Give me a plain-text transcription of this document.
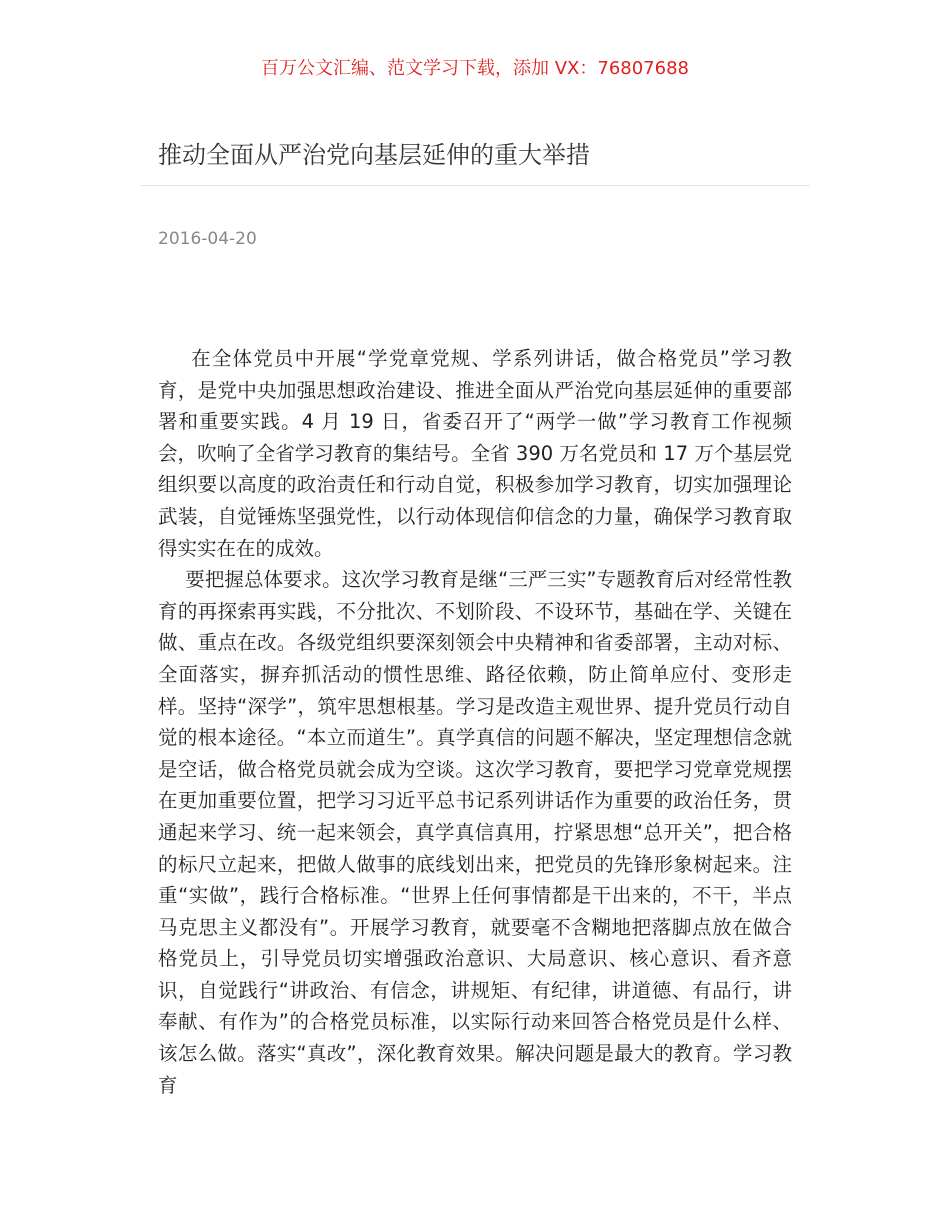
百万公文汇编、范文学习下载，添加 VX：76807688
推动全面从严治党向基层延伸的重大举措
2016-04-20

在全体党员中开展“学党章党规、学系列讲话，做合格党员”学习教育，是党中央加强思想政治建设、推进全面从严治党向基层延伸的重要部署和重要实践。4 月 19 日，省委召开了“两学一做”学习教育工作视频会，吹响了全省学习教育的集结号。全省 390 万名党员和 17 万个基层党组织要以高度的政治责任和行动自觉，积极参加学习教育，切实加强理论武装，自觉锤炼坚强党性，以行动体现信仰信念的力量，确保学习教育取得实实在在的成效。

要把握总体要求。这次学习教育是继“三严三实”专题教育后对经常性教育的再探索再实践，不分批次、不划阶段、不设环节，基础在学、关键在做、重点在改。各级党组织要深刻领会中央精神和省委部署，主动对标、全面落实，摒弃抓活动的惯性思维、路径依赖，防止简单应付、变形走样。坚持“深学”，筑牢思想根基。学习是改造主观世界、提升党员行动自觉的根本途径。“本立而道生”。真学真信的问题不解决，坚定理想信念就是空话，做合格党员就会成为空谈。这次学习教育，要把学习党章党规摆在更加重要位置，把学习习近平总书记系列讲话作为重要的政治任务，贯通起来学习、统一起来领会，真学真信真用，拧紧思想“总开关”，把合格的标尺立起来，把做人做事的底线划出来，把党员的先锋形象树起来。注重“实做”，践行合格标准。“世界上任何事情都是干出来的，不干，半点马克思主义都没有”。开展学习教育，就要毫不含糊地把落脚点放在做合格党员上，引导党员切实增强政治意识、大局意识、核心意识、看齐意识，自觉践行“讲政治、有信念，讲规矩、有纪律，讲道德、有品行，讲奉献、有作为”的合格党员标准，以实际行动来回答合格党员是什么样、该怎么做。落实“真改”，深化教育效果。解决问题是最大的教育。学习教育
